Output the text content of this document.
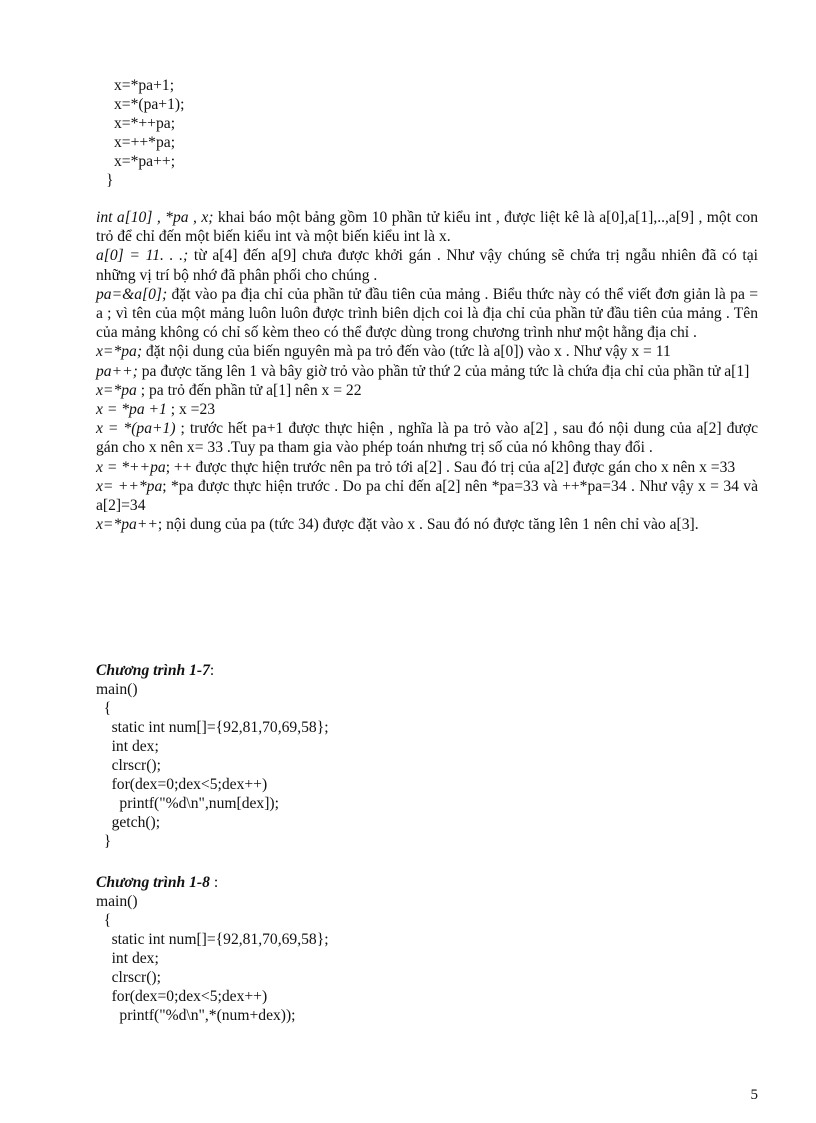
x=*pa+1;
x=*(pa+1);
x=*++pa;
x=++*pa;
x=*pa++;
}

int a[10] , *pa , x; khai báo một bảng gồm 10 phần tử kiểu int , được liệt kê là a[0],a[1],..,a[9] , một con trỏ để chỉ đến một biến kiểu int và một biến kiểu int là x.

a[0] = 11. . .; từ a[4] đến a[9] chưa được khởi gán . Như vậy chúng sẽ chứa trị ngẫu nhiên đã có tại những vị trí bộ nhớ đã phân phối cho chúng .

pa=&a[0]; đặt vào pa địa chỉ của phần tử đầu tiên của mảng . Biểu thức này có thể viết đơn giản là pa = a ; vì tên của một mảng luôn luôn được trình biên dịch coi là địa chỉ của phần tử đầu tiên của mảng . Tên của mảng không có chỉ số kèm theo có thể được dùng trong chương trình như một hằng địa chỉ .

x=*pa; đặt nội dung của biến nguyên mà pa trỏ đến vào (tức là a[0]) vào x . Như vậy x = 11

pa++; pa được tăng lên 1 và bây giờ trỏ vào phần tử thứ 2 của mảng tức là chứa địa chỉ của phần tử a[1]

x=*pa ; pa trỏ đến phần tử a[1] nên x = 22

x = *pa +1 ; x =23

x = *(pa+1) ; trước hết pa+1 được thực hiện , nghĩa là pa trỏ vào a[2] , sau đó nội dung của a[2] được gán cho x nên x= 33 .Tuy pa tham gia vào phép toán nhưng trị số của nó không thay đổi .

x = *++pa; ++ được thực hiện trước nên pa trỏ tới a[2] . Sau đó trị của a[2] được gán cho x nên x =33

x= ++*pa; *pa được thực hiện trước . Do pa chỉ đến a[2] nên *pa=33 và ++*pa=34 . Như vậy x = 34 và a[2]=34

x=*pa++; nội dung của pa (tức 34) được đặt vào x . Sau đó nó được tăng lên 1 nên chỉ vào a[3].

Chương trình 1-7:
main()
{
static int num[]={92,81,70,69,58};
int dex;
clrscr();
for(dex=0;dex<5;dex++)
printf("%d\n",num[dex]);
getch();
}
Chương trình 1-8 :
main()
{
static int num[]={92,81,70,69,58};
int dex;
clrscr();
for(dex=0;dex<5;dex++)
printf("%d\n",*(num+dex));
5
